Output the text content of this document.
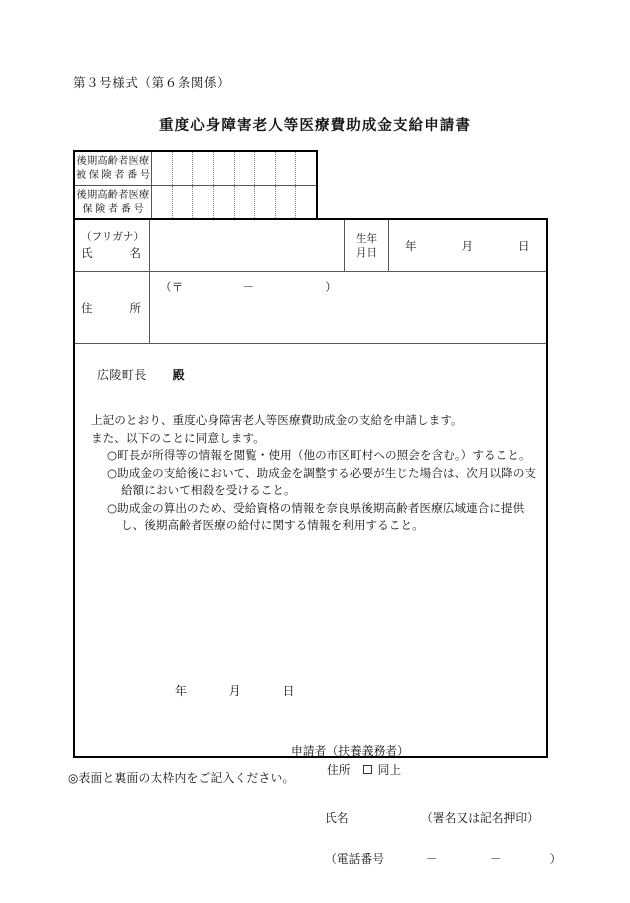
第３号様式（第６条関係）
重度心身障害老人等医療費助成金支給申請書
後期高齢者医療
被保険者番号
後期高齢者医療
保険者番号
（フリガナ）
氏	名
生年
月日 年	月	日
住	所
（〒　　　　　－　　　　　　）
広陵町長 殿
上記のとおり、重度心身障害老人等医療費助成金の支給を申請します。
また、以下のことに同意します。
○町長が所得等の情報を閲覧・使用（他の市区町村への照会を含む。）すること。
○助成金の支給後において、助成金を調整する必要が生じた場合は、次月以降の支
給額において相殺を受けること。
○助成金の算出のため、受給資格の情報を奈良県後期高齢者医療広域連合に提供
し、後期高齢者医療の給付に関する情報を利用すること。
年	月	日
申請者（扶養義務者）
住所 同上
氏名	（署名又は記名押印）
（電話番号	－	－	）
◎表面と裏面の太枠内をご記入ください。
